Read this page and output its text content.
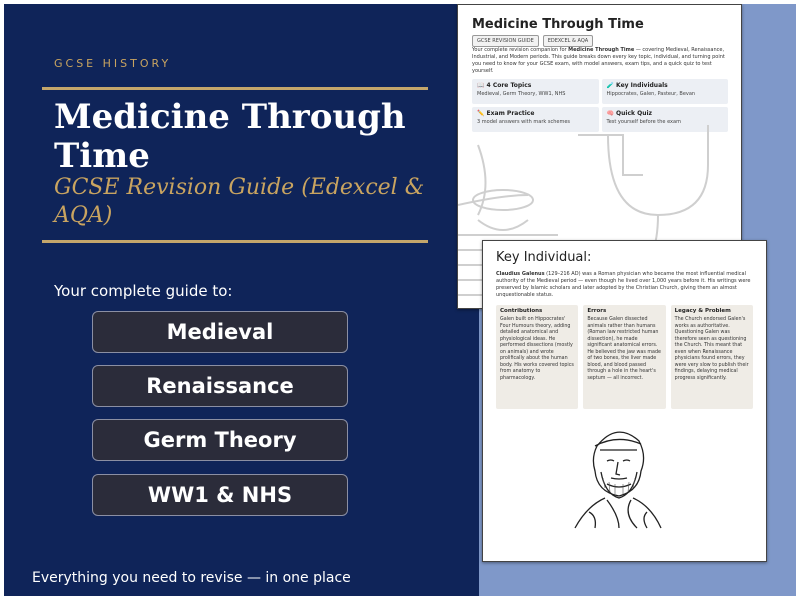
GCSE HISTORY
Medicine Through Time
GCSE Revision Guide (Edexcel & AQA)
Your complete guide to:
Medieval
Renaissance
Germ Theory
WW1 & NHS
Everything you need to revise — in one place
Medicine Through Time
GCSE REVISION GUIDE	EDEXCEL & AQA
Your complete revision companion for Medicine Through Time — covering Medieval, Renaissance, Industrial, and Modern periods. This guide breaks down every key topic, individual, and turning point you need to know for your GCSE exam, with model answers, exam tips, and a quick quiz to test yourself.
📖 4 Core Topics
Medieval, Germ Theory, WW1, NHS
🧪 Key Individuals
Hippocrates, Galen, Pasteur, Bevan
✏️ Exam Practice
3 model answers with mark schemes
🧠 Quick Quiz
Test yourself before the exam
Key Individual:
Claudius Galenus (129–216 AD) was a Roman physician who became the most influential medical authority of the Medieval period — even though he lived over 1,000 years before it. His writings were preserved by Islamic scholars and later adopted by the Christian Church, giving them an almost unquestionable status.
Contributions
Galen built on Hippocrates' Four Humours theory, adding detailed anatomical and physiological ideas. He performed dissections (mostly on animals) and wrote prolifically about the human body. His works covered topics from anatomy to pharmacology.
Errors
Because Galen dissected animals rather than humans (Roman law restricted human dissection), he made significant anatomical errors. He believed the jaw was made of two bones, the liver made blood, and blood passed through a hole in the heart's septum — all incorrect.
Legacy & Problem
The Church endorsed Galen's works as authoritative. Questioning Galen was therefore seen as questioning the Church. This meant that even when Renaissance physicians found errors, they were very slow to publish their findings, delaying medical progress significantly.
